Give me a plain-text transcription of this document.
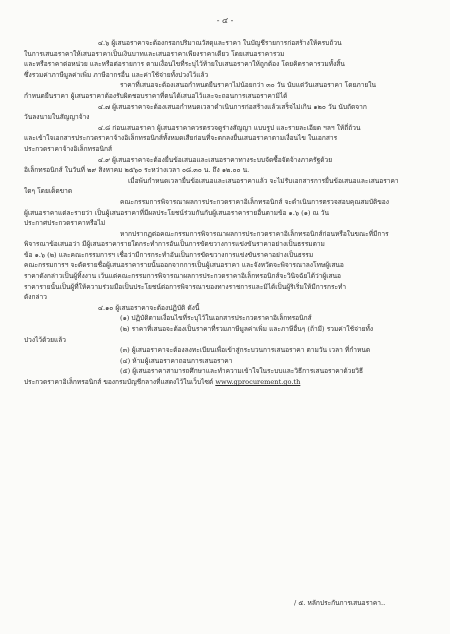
- ๔ -
๔.๖ ผู้เสนอราคาจะต้องกรอกปริมาณวัสดุและราคา ในบัญชีรายการก่อสร้างให้ครบถ้วน
ในการเสนอราคาให้เสนอราคาเป็นเงินบาทและเสนอราคาเพียงราคาเดียว โดยเสนอราคารวม
และหรือราคาต่อหน่วย และหรือต่อรายการ ตามเงื่อนไขที่ระบุไว้ท้ายใบเสนอราคาให้ถูกต้อง โดยคิดราคารวมทั้งสิ้น
ซึ่งรวมค่าภาษีมูลค่าเพิ่ม ภาษีอากรอื่น และค่าใช้จ่ายทั้งปวงไว้แล้ว
ราคาที่เสนอจะต้องเสนอกำหนดยืนราคาไม่น้อยกว่า ๓๐ วัน นับแต่วันเสนอราคา โดยภายใน
กำหนดยืนราคา ผู้เสนอราคาต้องรับผิดชอบราคาที่ตนได้เสนอไว้และจะถอนการเสนอราคามิได้
๔.๗ ผู้เสนอราคาจะต้องเสนอกำหนดเวลาดำเนินการก่อสร้างแล้วเสร็จไม่เกิน ๑๒๐ วัน นับถัดจาก
วันลงนามในสัญญาจ้าง
๔.๘ ก่อนเสนอราคา ผู้เสนอราคาควรตรวจดูร่างสัญญา แบบรูป และรายละเอียด ฯลฯ ให้ถี่ถ้วน
และเข้าใจเอกสารประกวดราคาจ้างอิเล็กทรอนิกส์ทั้งหมดเสียก่อนที่จะตกลงยื่นเสนอราคาตามเงื่อนไข ในเอกสาร
ประกวดราคาจ้างอิเล็กทรอนิกส์
๔.๙ ผู้เสนอราคาจะต้องยื่นข้อเสนอและเสนอราคาทางระบบจัดซื้อจัดจ้างภาครัฐด้วย
อิเล็กทรอนิกส์ ในวันที่ ๒๙ สิงหาคม ๒๕๖๐ ระหว่างเวลา ๐๘.๓๐ น. ถึง ๑๒.๐๐ น.
เมื่อพ้นกำหนดเวลายื่นข้อเสนอและเสนอราคาแล้ว จะไม่รับเอกสารการยื่นข้อเสนอและเสนอราคา
ใดๆ โดยเด็ดขาด
คณะกรรมการพิจารณาผลการประกวดราคาอิเล็กทรอนิกส์ จะดำเนินการตรวจสอบคุณสมบัติของ
ผู้เสนอราคาแต่ละรายว่า เป็นผู้เสนอราคาที่มีผลประโยชน์ร่วมกันกับผู้เสนอราคารายอื่นตามข้อ ๑.๖ (๑) ณ วัน
ประกาศประกวดราคาหรือไม่
หากปรากฏต่อคณะกรรมการพิจารณาผลการประกวดราคาอิเล็กทรอนิกส์ก่อนหรือในขณะที่มีการ
พิจารณาข้อเสนอว่า มีผู้เสนอราคารายใดกระทำการอันเป็นการขัดขวางการแข่งขันราคาอย่างเป็นธรรมตาม
ข้อ ๑.๖ (๒) และคณะกรรมการฯ เชื่อว่ามีการกระทำอันเป็นการขัดขวางการแข่งขันราคาอย่างเป็นธรรม
คณะกรรมการฯ จะตัดรายชื่อผู้เสนอราคารายนั้นออกจากการเป็นผู้เสนอราคา และจังหวัดจะพิจารณาลงโทษผู้เสนอ
ราคาดังกล่าวเป็นผู้ทิ้งงาน เว้นแต่คณะกรรมการพิจารณาผลการประกวดราคาอิเล็กทรอนิกส์จะวินิจฉัยได้ว่าผู้เสนอ
ราคารายนั้นเป็นผู้ที่ให้ความร่วมมือเป็นประโยชน์ต่อการพิจารณาของทางราชการและมิได้เป็นผู้ริเริ่มให้มีการกระทำ
ดังกล่าว
๔.๑๐ ผู้เสนอราคาจะต้องปฏิบัติ ดังนี้
(๑) ปฏิบัติตามเงื่อนไขที่ระบุไว้ในเอกสารประกวดราคาอิเล็กทรอนิกส์
(๒) ราคาที่เสนอจะต้องเป็นราคาที่รวมภาษีมูลค่าเพิ่ม และภาษีอื่นๆ (ถ้ามี) รวมค่าใช้จ่ายทั้ง
ปวงไว้ด้วยแล้ว
(๓) ผู้เสนอราคาจะต้องลงทะเบียนเพื่อเข้าสู่กระบวนการเสนอราคา ตามวัน เวลา ที่กำหนด
(๔) ห้ามผู้เสนอราคาถอนการเสนอราคา
(๕) ผู้เสนอราคาสามารถศึกษาและทำความเข้าใจในระบบและวิธีการเสนอราคาด้วยวิธี
ประกวดราคาอิเล็กทรอนิกส์ ของกรมบัญชีกลางที่แสดงไว้ในเว็บไซต์ www.gprocurement.go.th
/ ๕. หลักประกันการเสนอราคา..
